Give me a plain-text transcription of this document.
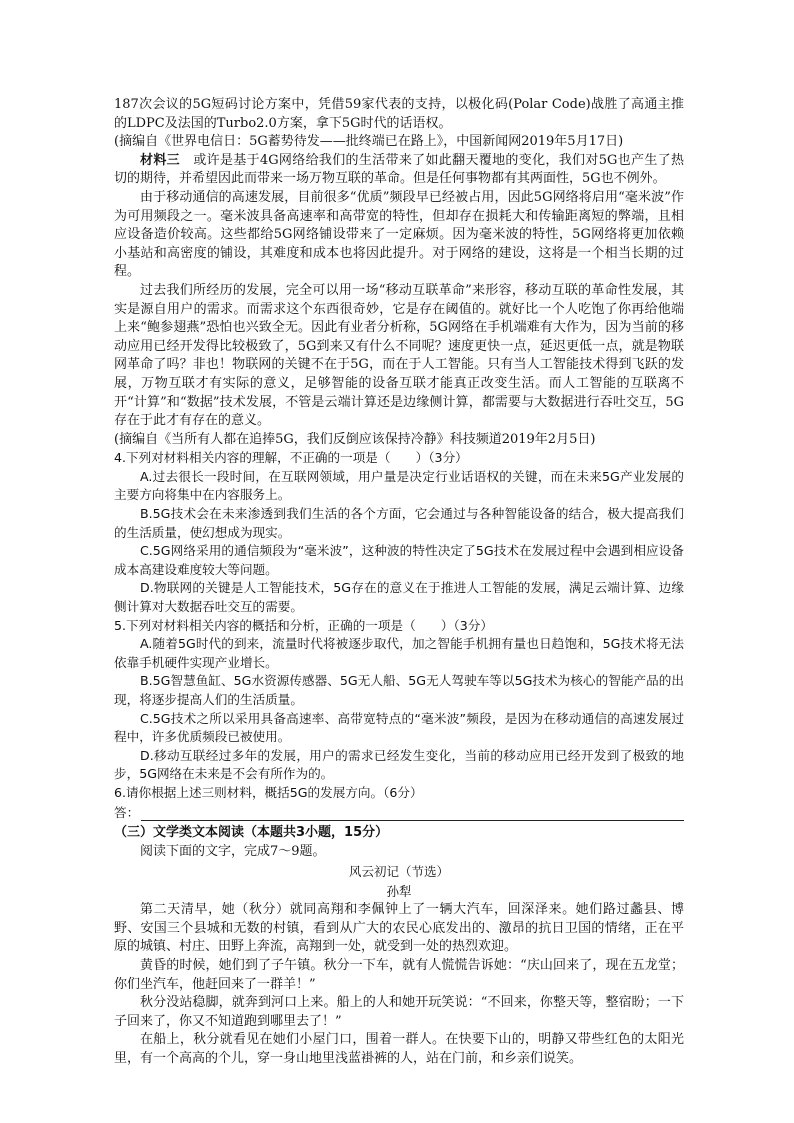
187次会议的5G短码讨论方案中，凭借59家代表的支持，以极化码(Polar Code)战胜了高通主推的LDPC及法国的Turbo2.0方案，拿下5G时代的话语权。

(摘编自《世界电信日：5G蓄势待发——批终端已在路上》，中国新闻网2019年5月17日)

材料三　 或许是基于4G网络给我们的生活带来了如此翻天覆地的变化，我们对5G也产生了热切的期待，并希望因此而带来一场万物互联的革命。但是任何事物都有其两面性，5G也不例外。

由于移动通信的高速发展，目前很多“优质”频段早已经被占用，因此5G网络将启用“毫米波”作为可用频段之一。毫米波具备高速率和高带宽的特性，但却存在损耗大和传输距离短的弊端，且相应设备造价较高。这些都给5G网络铺设带来了一定麻烦。因为毫米波的特性，5G网络将更加依赖小基站和高密度的铺设，其难度和成本也将因此提升。对于网络的建设，这将是一个相当长期的过程。

过去我们所经历的发展，完全可以用一场“移动互联革命”来形容，移动互联的革命性发展，其实是源自用户的需求。而需求这个东西很奇妙，它是存在阈值的。就好比一个人吃饱了你再给他端上来“鲍参翅燕”恐怕也兴致全无。因此有业者分析称，5G网络在手机端难有大作为，因为当前的移动应用已经开发得比较极致了，5G到来又有什么不同呢？速度更快一点，延迟更低一点，就是物联网革命了吗？非也！物联网的关键不在于5G，而在于人工智能。只有当人工智能技术得到飞跃的发展，万物互联才有实际的意义，足够智能的设备互联才能真正改变生活。而人工智能的互联离不开“计算”和“数据”技术发展，不管是云端计算还是边缘侧计算，都需要与大数据进行吞吐交互，5G存在于此才有存在的意义。

(摘编自《当所有人都在追捧5G，我们反倒应该保持冷静》科技频道2019年2月5日)

4.下列对材料相关内容的理解，不正确的一项是（　　）（3分）

A.过去很长一段时间，在互联网领域，用户量是决定行业话语权的关键，而在未来5G产业发展的主要方向将集中在内容服务上。

B.5G技术会在未来渗透到我们生活的各个方面，它会通过与各种智能设备的结合，极大提高我们的生活质量，使幻想成为现实。

C.5G网络采用的通信频段为“毫米波”，这种波的特性决定了5G技术在发展过程中会遇到相应设备成本高建设难度较大等问题。

D.物联网的关键是人工智能技术，5G存在的意义在于推进人工智能的发展，满足云端计算、边缘侧计算对大数据吞吐交互的需要。

5.下列对材料相关内容的概括和分析，正确的一项是（　　）（3分）

A.随着5G时代的到来，流量时代将被逐步取代，加之智能手机拥有量也日趋饱和，5G技术将无法依靠手机硬件实现产业增长。

B.5G智慧鱼缸、5G水资源传感器、5G无人船、5G无人驾驶车等以5G技术为核心的智能产品的出现，将逐步提高人们的生活质量。

C.5G技术之所以采用具备高速率、高带宽特点的“毫米波”频段，是因为在移动通信的高速发展过程中，许多优质频段已被使用。

D.移动互联经过多年的发展，用户的需求已经发生变化，当前的移动应用已经开发到了极致的地步，5G网络在未来是不会有所作为的。

6.请你根据上述三则材料，概括5G的发展方向。（6分）

答：

（三）文学类文本阅读（本题共3小题，15分）

阅读下面的文字，完成7～9题。

风云初记（节选）

孙犁

第二天清早，她（秋分）就同高翔和李佩钟上了一辆大汽车，回深泽来。她们路过蠡县、博野、安国三个县城和无数的村镇，看到从广大的农民心底发出的、激昂的抗日卫国的情绪，正在平原的城镇、村庄、田野上奔流，高翔到一处，就受到一处的热烈欢迎。

黄昏的时候，她们到了子午镇。秋分一下车，就有人慌慌告诉她：“庆山回来了，现在五龙堂；你们坐汽车，他赶回来了一群羊！”

秋分没站稳脚，就奔到河口上来。船上的人和她开玩笑说：“不回来，你整天等，整宿盼；一下子回来了，你又不知道跑到哪里去了！”

在船上，秋分就看见在她们小屋门口，围着一群人。在快要下山的，明静又带些红色的太阳光里，有一个高高的个儿，穿一身山地里浅蓝褂裤的人，站在门前，和乡亲们说笑。
